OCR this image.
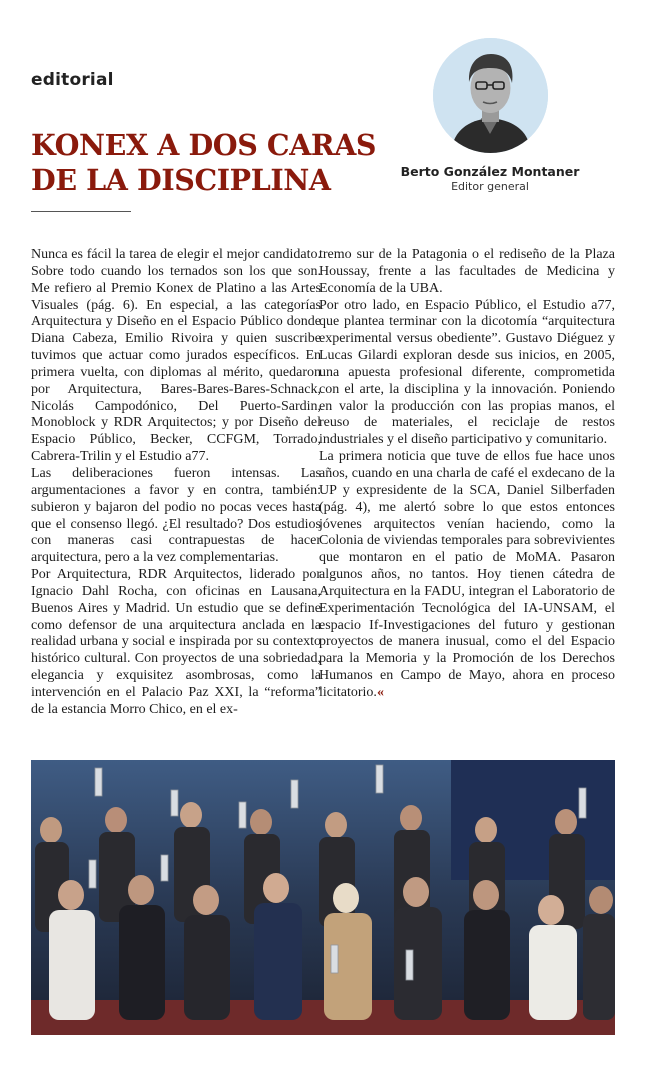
editorial
KONEX A DOS CARAS
DE LA DISCIPLINA	Berto González Montaner
Editor general

Nunca es fácil la tarea de elegir el mejor candidato. Sobre todo cuando los ternados son los que son. Me refiero al Premio Konex de Platino a las Artes Visuales (pág. 6). En especial, a las categorías Arquitectura y Diseño en el Espacio Público donde Diana Cabeza, Emilio Rivoira y quien suscribe tuvimos que actuar como jurados específicos. En primera vuelta, con diplomas al mérito, quedaron por Arquitectura, Bares-Bares-Bares-Schnack, Nicolás Campodónico, Del Puerto-Sardin, Monoblock y RDR Arquitectos; y por Diseño del Espacio Público, Becker, CCFGM, Torrado, Cabrera-Trilin y el Estudio a77.

Las deliberaciones fueron intensas. Las argumentaciones a favor y en contra, también: subieron y bajaron del podio no pocas veces hasta que el consenso llegó. ¿El resultado? Dos estudios con maneras casi contrapuestas de hacer arquitectura, pero a la vez complementarias.

Por Arquitectura, RDR Arquitectos, liderado por Ignacio Dahl Rocha, con oficinas en Lausana, Buenos Aires y Madrid. Un estudio que se define como defensor de una arquitectura anclada en la realidad urbana y social e inspirada por su contexto histórico cultural. Con proyectos de una sobriedad, elegancia y exquisitez asombrosas, como la intervención en el Palacio Paz XXI, la “reforma” de la estancia Morro Chico, en el ex-

tremo sur de la Patagonia o el rediseño de la Plaza Houssay, frente a las facultades de Medicina y Economía de la UBA.

Por otro lado, en Espacio Público, el Estudio a77, que plantea terminar con la dicotomía “arquitectura experimental versus obediente”. Gustavo Diéguez y Lucas Gilardi exploran desde sus inicios, en 2005, una apuesta profesional diferente, comprometida con el arte, la disciplina y la innovación. Poniendo en valor la producción con las propias manos, el reuso de materiales, el reciclaje de restos industriales y el diseño participativo y comunitario.

La primera noticia que tuve de ellos fue hace unos años, cuando en una charla de café el exdecano de la UP y expresidente de la SCA, Daniel Silberfaden (pág. 4), me alertó sobre lo que estos entonces jóvenes arquitectos venían haciendo, como la Colonia de viviendas temporales para sobrevivientes que montaron en el patio de MoMA. Pasaron algunos años, no tantos. Hoy tienen cátedra de Arquitectura en la FADU, integran el Laboratorio de Experimentación Tecnológica del IA-UNSAM, el espacio If-Investigaciones del futuro y gestionan proyectos de manera inusual, como el del Espacio para la Memoria y la Promoción de los Derechos Humanos en Campo de Mayo, ahora en proceso licitatorio.«
